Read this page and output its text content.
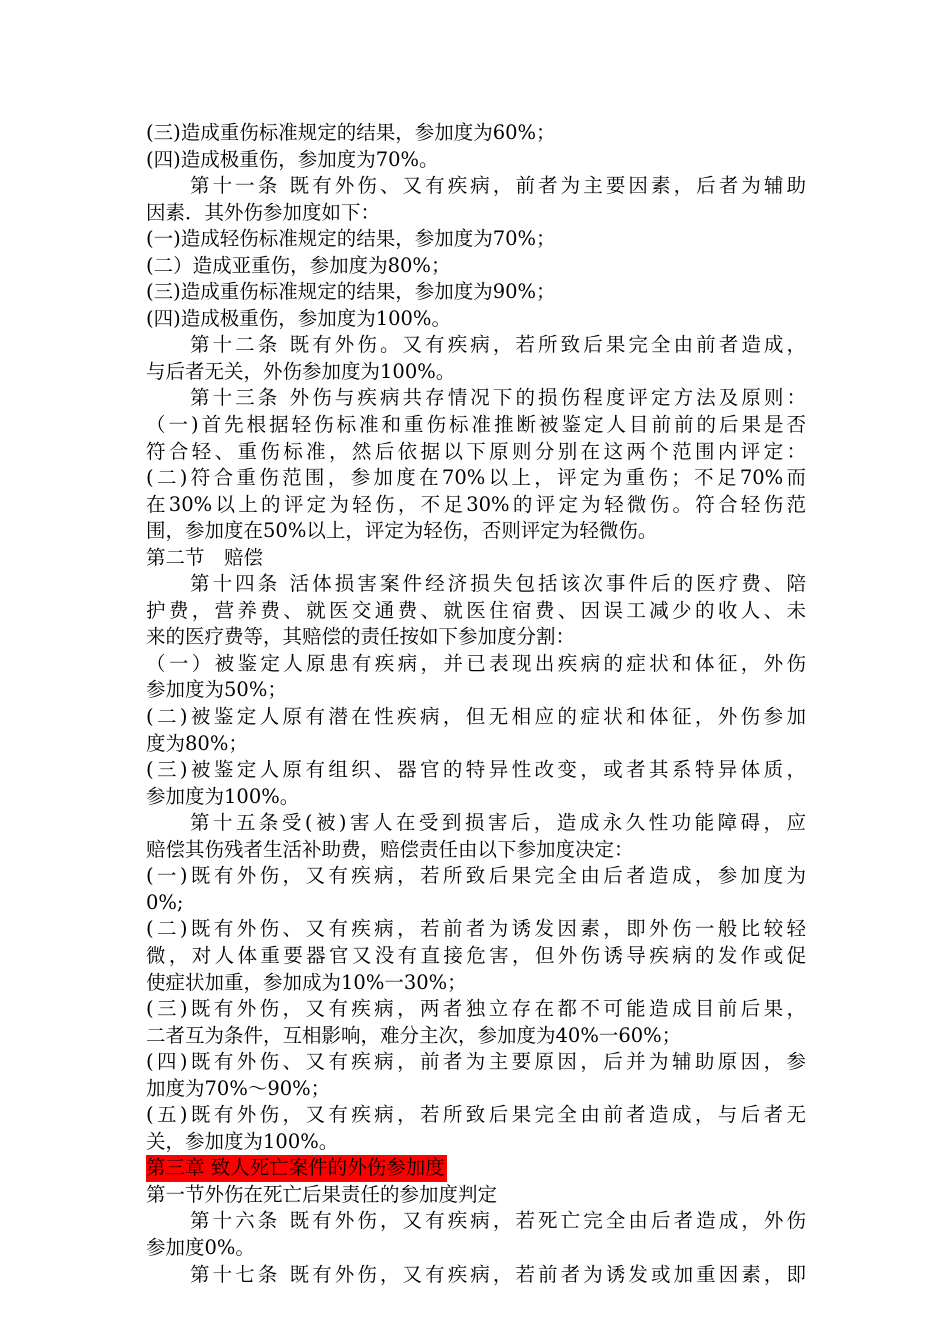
(三)造成重伤标准规定的结果，参加度为60%；
(四)造成极重伤，参加度为70%。
第十一条 既有外伤、又有疾病，前者为主要因素，后者为辅助
因素．其外伤参加度如下：
(一)造成轻伤标准规定的结果，参加度为70%；
(二）造成亚重伤，参加度为80%；
(三)造成重伤标准规定的结果，参加度为90%；
(四)造成极重伤，参加度为100%。
第十二条 既有外伤。又有疾病，若所致后果完全由前者造成，
与后者无关，外伤参加度为100%。
第十三条 外伤与疾病共存情况下的损伤程度评定方法及原则：
（一)首先根据轻伤标准和重伤标准推断被鉴定人目前前的后果是否
符合轻、重伤标准，然后依据以下原则分别在这两个范围内评定：
(二)符合重伤范围，参加度在70%以上，评定为重伤；不足70%而
在30%以上的评定为轻伤，不足30%的评定为轻微伤。符合轻伤范
围，参加度在50%以上，评定为轻伤，否则评定为轻微伤。
第二节　赔偿
第十四条 活体损害案件经济损失包括该次事件后的医疗费、陪
护费，营养费、就医交通费、就医住宿费、因误工减少的收人、未
来的医疗费等，其赔偿的责任按如下参加度分割：
（一）被鉴定人原患有疾病，并已表现出疾病的症状和体征，外伤
参加度为50%；
(二)被鉴定人原有潜在性疾病，但无相应的症状和体征，外伤参加
度为80%；
(三)被鉴定人原有组织、器官的特异性改变，或者其系特异体质，
参加度为100%。
第十五条受(被)害人在受到损害后，造成永久性功能障碍，应
赔偿其伤残者生活补助费，赔偿责任由以下参加度决定：
(一)既有外伤，又有疾病，若所致后果完全由后者造成，参加度为
0%;
(二)既有外伤、又有疾病，若前者为诱发因素，即外伤一般比较轻
微，对人体重要器官又没有直接危害，但外伤诱导疾病的发作或促
使症状加重，参加成为10%一30%；
(三)既有外伤，又有疾病，两者独立存在都不可能造成目前后果，
二者互为条件，互相影响，难分主次，参加度为40%一60%；
(四)既有外伤、又有疾病，前者为主要原因，后并为辅助原因，参
加度为70%～90%；
(五)既有外伤，又有疾病，若所致后果完全由前者造成，与后者无
关，参加度为100%。
第三章 致人死亡案件的外伤参加度
第一节外伤在死亡后果责任的参加度判定
第十六条 既有外伤，又有疾病，若死亡完全由后者造成，外伤
参加度0%。
第十七条 既有外伤，又有疾病，若前者为诱发或加重因素，即
